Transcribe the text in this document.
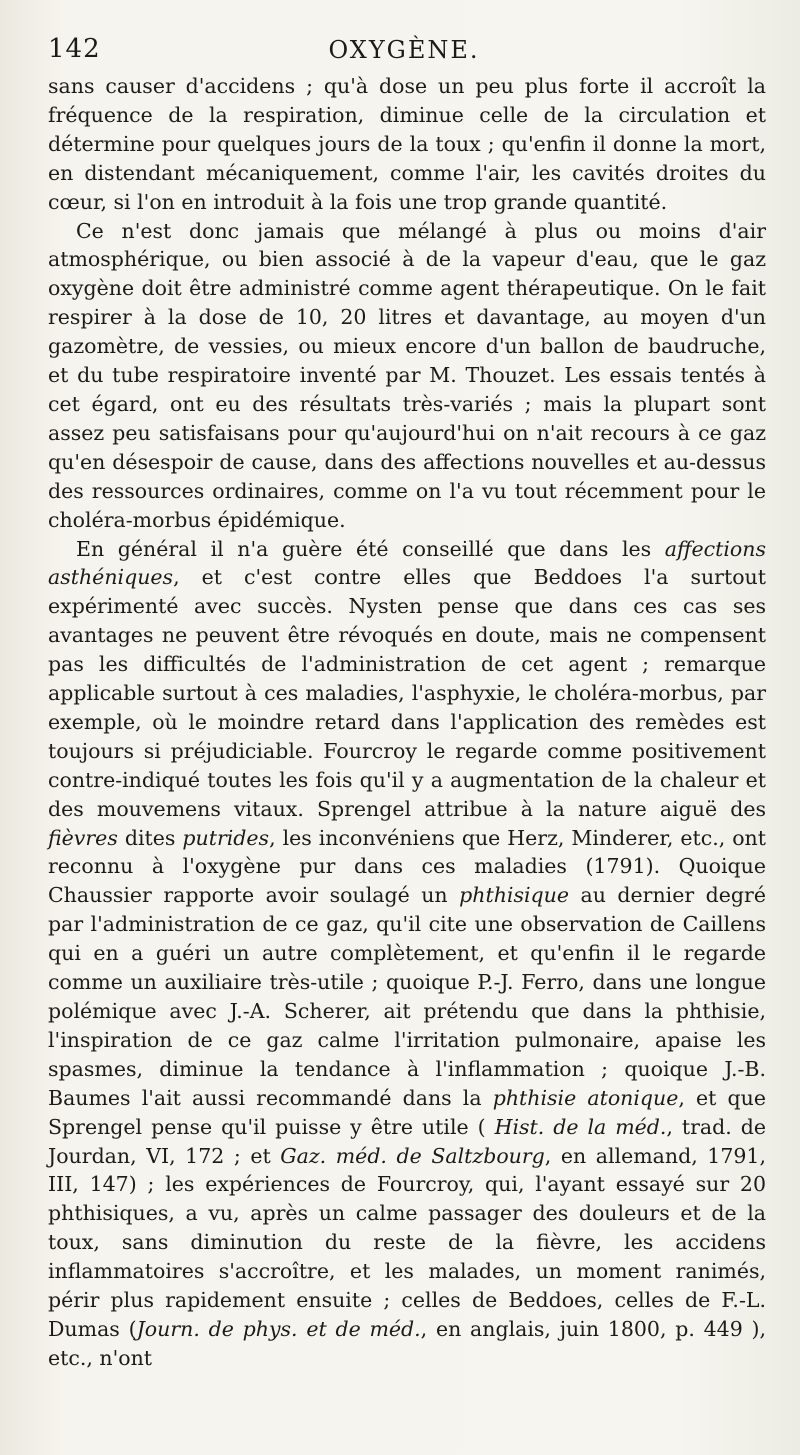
142	OXYGÈNE.

sans causer d'accidens ; qu'à dose un peu plus forte il accroît la fréquence de la respiration, diminue celle de la circulation et détermine pour quelques jours de la toux ; qu'enfin il donne la mort, en distendant mécaniquement, comme l'air, les cavités droites du cœur, si l'on en introduit à la fois une trop grande quantité.

Ce n'est donc jamais que mélangé à plus ou moins d'air atmosphérique, ou bien associé à de la vapeur d'eau, que le gaz oxygène doit être administré comme agent thérapeutique. On le fait respirer à la dose de 10, 20 litres et davantage, au moyen d'un gazomètre, de vessies, ou mieux encore d'un ballon de baudruche, et du tube respiratoire inventé par M. Thouzet. Les essais tentés à cet égard, ont eu des résultats très-variés ; mais la plupart sont assez peu satisfaisans pour qu'aujourd'hui on n'ait recours à ce gaz qu'en désespoir de cause, dans des affections nouvelles et au-dessus des ressources ordinaires, comme on l'a vu tout récemment pour le choléra-morbus épidémique.

En général il n'a guère été conseillé que dans les affections asthéniques, et c'est contre elles que Beddoes l'a surtout expérimenté avec succès. Nysten pense que dans ces cas ses avantages ne peuvent être révoqués en doute, mais ne compensent pas les difficultés de l'administration de cet agent ; remarque applicable surtout à ces maladies, l'asphyxie, le choléra-morbus, par exemple, où le moindre retard dans l'application des remèdes est toujours si préjudiciable. Fourcroy le regarde comme positivement contre-indiqué toutes les fois qu'il y a augmentation de la chaleur et des mouvemens vitaux. Sprengel attribue à la nature aiguë des fièvres dites putrides, les inconvéniens que Herz, Minderer, etc., ont reconnu à l'oxygène pur dans ces maladies (1791). Quoique Chaussier rapporte avoir soulagé un phthisique au dernier degré par l'administration de ce gaz, qu'il cite une observation de Caillens qui en a guéri un autre complètement, et qu'enfin il le regarde comme un auxiliaire très-utile ; quoique P.-J. Ferro, dans une longue polémique avec J.-A. Scherer, ait prétendu que dans la phthisie, l'inspiration de ce gaz calme l'irritation pulmonaire, apaise les spasmes, diminue la tendance à l'inflammation ; quoique J.-B. Baumes l'ait aussi recommandé dans la phthisie atonique, et que Sprengel pense qu'il puisse y être utile ( Hist. de la méd., trad. de Jourdan, VI, 172 ; et Gaz. méd. de Saltzbourg, en allemand, 1791, III, 147) ; les expériences de Fourcroy, qui, l'ayant essayé sur 20 phthisiques, a vu, après un calme passager des douleurs et de la toux, sans diminution du reste de la fièvre, les accidens inflammatoires s'accroître, et les malades, un moment ranimés, périr plus rapidement ensuite ; celles de Beddoes, celles de F.-L. Dumas (Journ. de phys. et de méd., en anglais, juin 1800, p. 449 ), etc., n'ont
